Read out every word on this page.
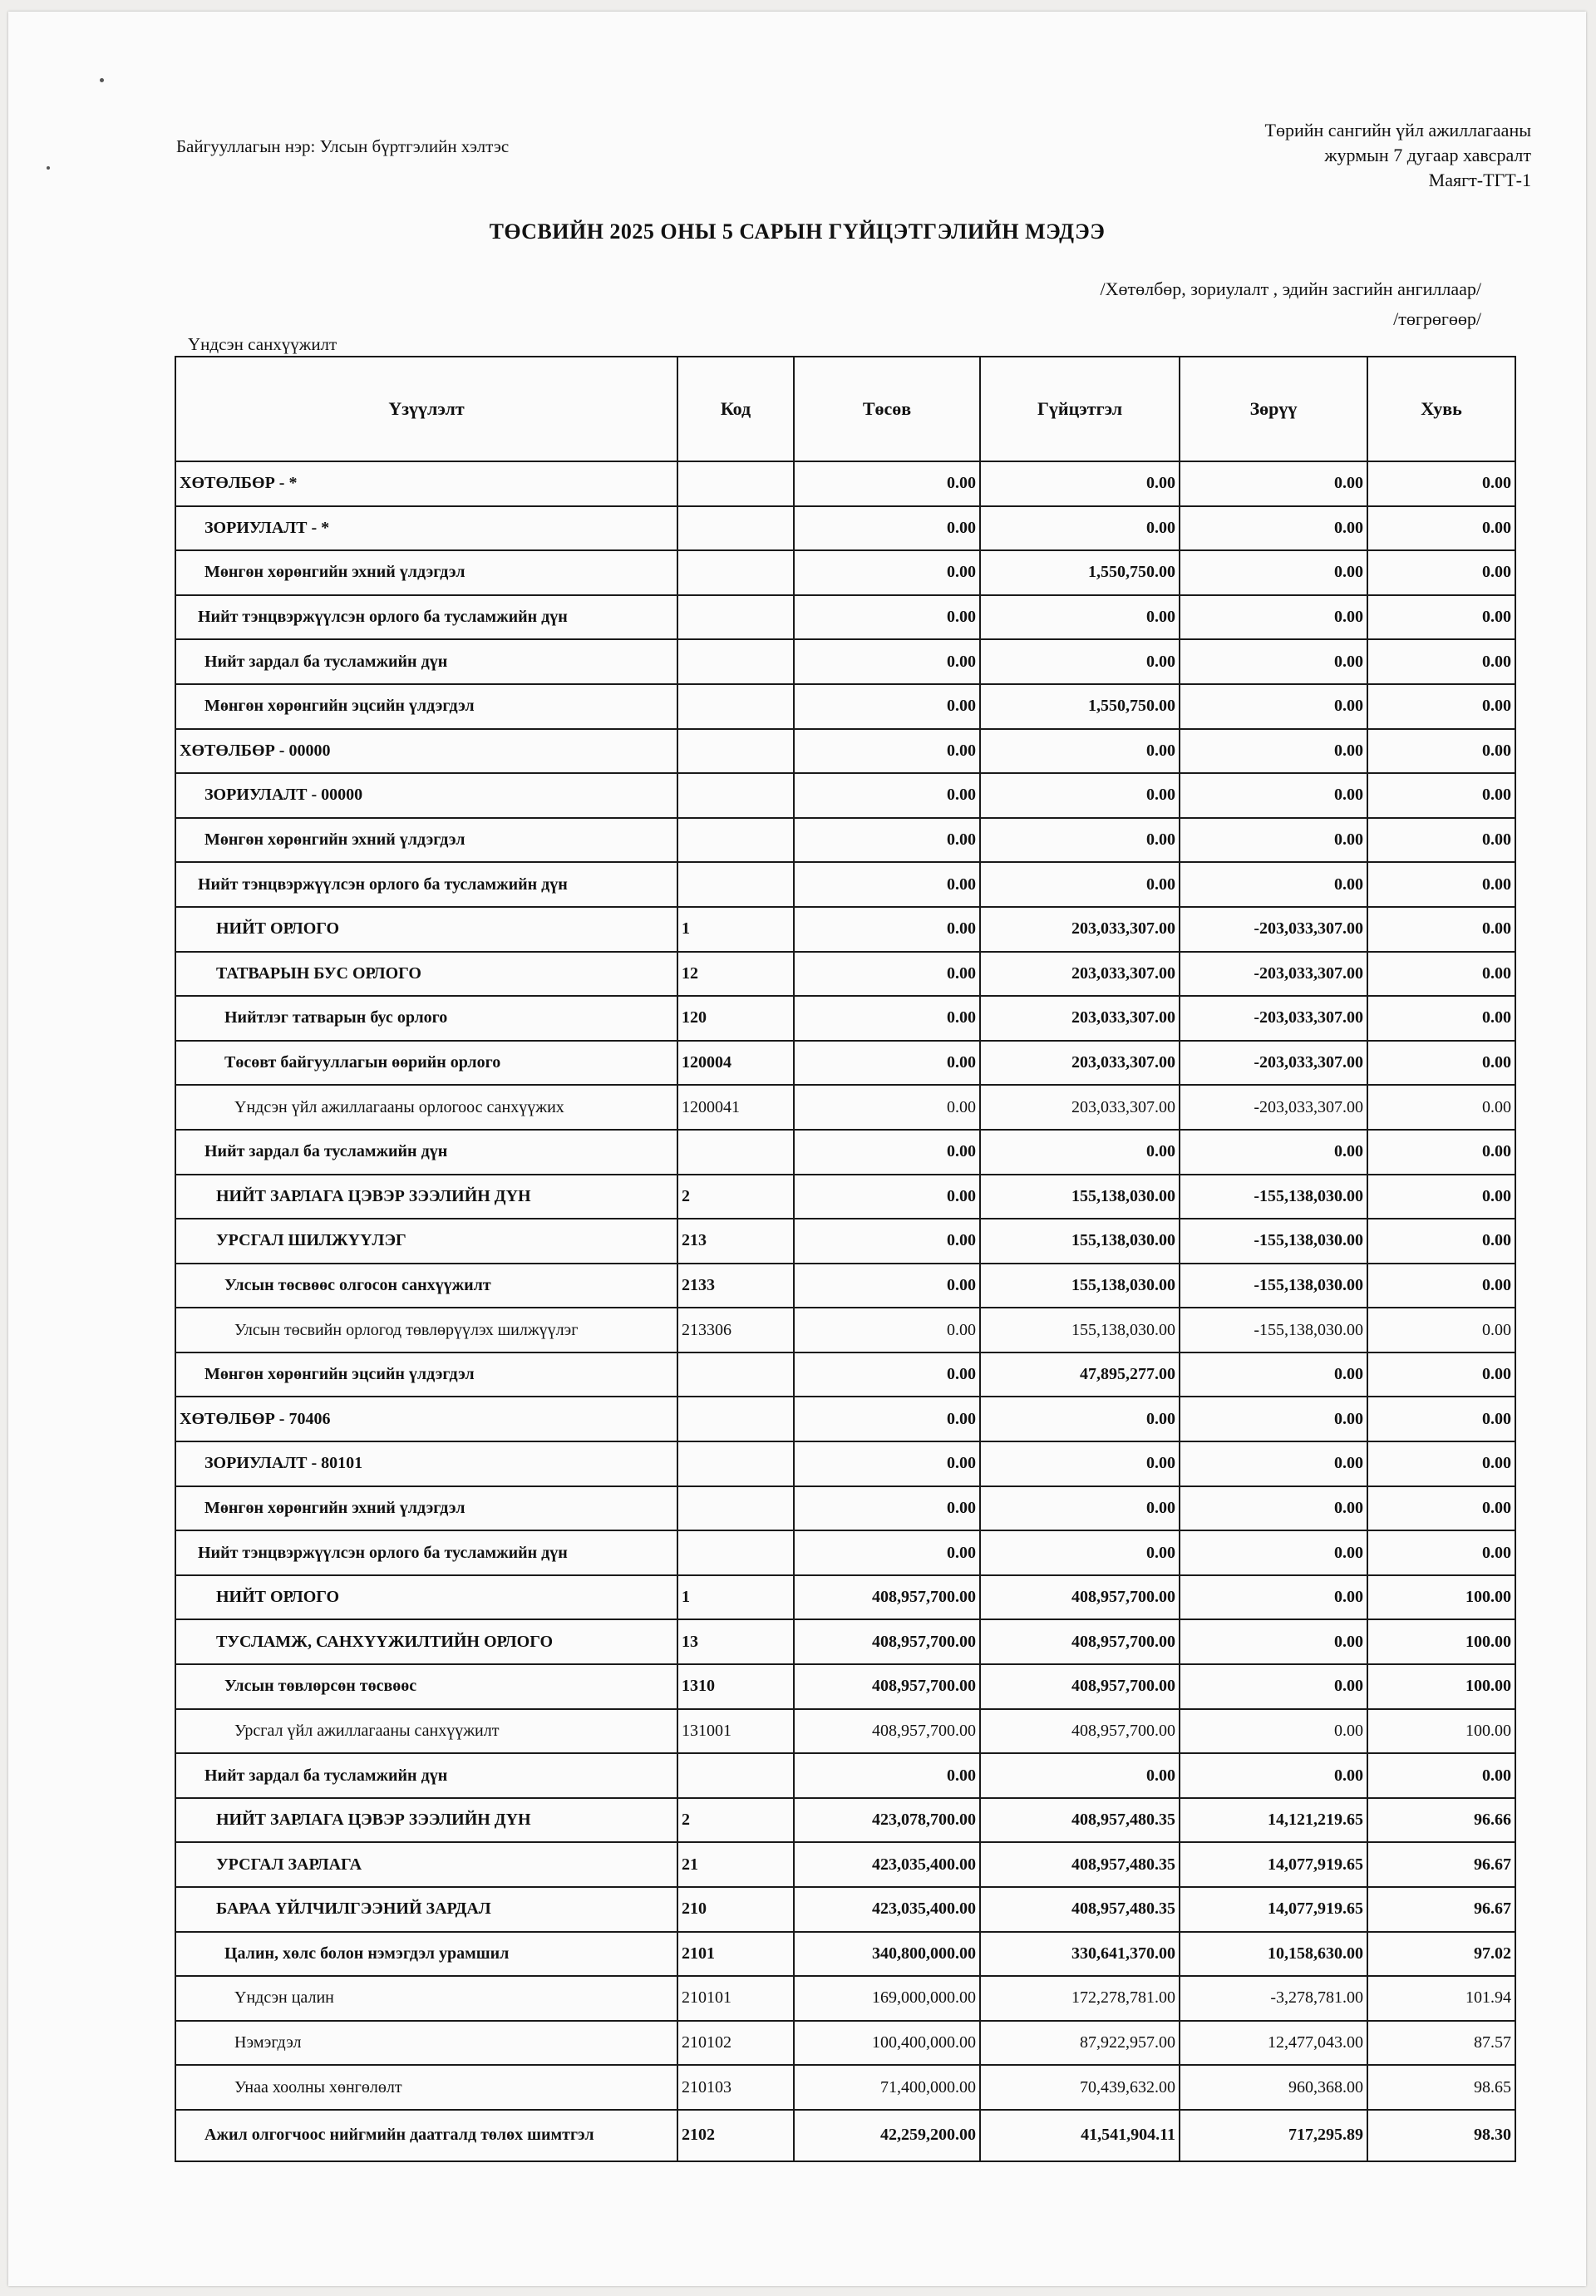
Байгууллагын нэр: Улсын бүртгэлийн хэлтэс
Төрийн сангийн үйл ажиллагааны
журмын 7 дугаар хавсралт
Маягт-ТГТ-1
ТӨСВИЙН 2025 ОНЫ 5 САРЫН ГҮЙЦЭТГЭЛИЙН МЭДЭЭ
/Хөтөлбөр, зориулалт , эдийн засгийн ангиллаар/
/төгрөгөөр/
Үндсэн санхүүжилт
Үзүүлэлт	Код	Төсөв	Гүйцэтгэл	Зөрүү	Хувь
ХӨТӨЛБӨР - *		0.00	0.00	0.00	0.00
ЗОРИУЛАЛТ - *		0.00	0.00	0.00	0.00
Мөнгөн хөрөнгийн эхний үлдэгдэл		0.00	1,550,750.00	0.00	0.00
Нийт тэнцвэржүүлсэн орлого ба тусламжийн дүн		0.00	0.00	0.00	0.00
Нийт зардал ба тусламжийн дүн		0.00	0.00	0.00	0.00
Мөнгөн хөрөнгийн эцсийн үлдэгдэл		0.00	1,550,750.00	0.00	0.00
ХӨТӨЛБӨР - 00000		0.00	0.00	0.00	0.00
ЗОРИУЛАЛТ - 00000		0.00	0.00	0.00	0.00
Мөнгөн хөрөнгийн эхний үлдэгдэл		0.00	0.00	0.00	0.00
Нийт тэнцвэржүүлсэн орлого ба тусламжийн дүн		0.00	0.00	0.00	0.00
НИЙТ ОРЛОГО	1	0.00	203,033,307.00	-203,033,307.00	0.00
ТАТВАРЫН БУС ОРЛОГО	12	0.00	203,033,307.00	-203,033,307.00	0.00
Нийтлэг татварын бус орлого	120	0.00	203,033,307.00	-203,033,307.00	0.00
Төсөвт байгууллагын өөрийн орлого	120004	0.00	203,033,307.00	-203,033,307.00	0.00
Үндсэн үйл ажиллагааны орлогоос санхүүжих	1200041	0.00	203,033,307.00	-203,033,307.00	0.00
Нийт зардал ба тусламжийн дүн		0.00	0.00	0.00	0.00
НИЙТ ЗАРЛАГА ЦЭВЭР ЗЭЭЛИЙН ДҮН	2	0.00	155,138,030.00	-155,138,030.00	0.00
УРСГАЛ ШИЛЖҮҮЛЭГ	213	0.00	155,138,030.00	-155,138,030.00	0.00
Улсын төсвөөс олгосон санхүүжилт	2133	0.00	155,138,030.00	-155,138,030.00	0.00
Улсын төсвийн орлогод төвлөрүүлэх шилжүүлэг	213306	0.00	155,138,030.00	-155,138,030.00	0.00
Мөнгөн хөрөнгийн эцсийн үлдэгдэл		0.00	47,895,277.00	0.00	0.00
ХӨТӨЛБӨР - 70406		0.00	0.00	0.00	0.00
ЗОРИУЛАЛТ - 80101		0.00	0.00	0.00	0.00
Мөнгөн хөрөнгийн эхний үлдэгдэл		0.00	0.00	0.00	0.00
Нийт тэнцвэржүүлсэн орлого ба тусламжийн дүн		0.00	0.00	0.00	0.00
НИЙТ ОРЛОГО	1	408,957,700.00	408,957,700.00	0.00	100.00
ТУСЛАМЖ, САНХҮҮЖИЛТИЙН ОРЛОГО	13	408,957,700.00	408,957,700.00	0.00	100.00
Улсын төвлөрсөн төсвөөс	1310	408,957,700.00	408,957,700.00	0.00	100.00
Урсгал үйл ажиллагааны санхүүжилт	131001	408,957,700.00	408,957,700.00	0.00	100.00
Нийт зардал ба тусламжийн дүн		0.00	0.00	0.00	0.00
НИЙТ ЗАРЛАГА ЦЭВЭР ЗЭЭЛИЙН ДҮН	2	423,078,700.00	408,957,480.35	14,121,219.65	96.66
УРСГАЛ ЗАРЛАГА	21	423,035,400.00	408,957,480.35	14,077,919.65	96.67
БАРАА ҮЙЛЧИЛГЭЭНИЙ ЗАРДАЛ	210	423,035,400.00	408,957,480.35	14,077,919.65	96.67
Цалин, хөлс болон нэмэгдэл урамшил	2101	340,800,000.00	330,641,370.00	10,158,630.00	97.02
Үндсэн цалин	210101	169,000,000.00	172,278,781.00	-3,278,781.00	101.94
Нэмэгдэл	210102	100,400,000.00	87,922,957.00	12,477,043.00	87.57
Унаа хоолны хөнгөлөлт	210103	71,400,000.00	70,439,632.00	960,368.00	98.65
Ажил олгогчоос нийгмийн даатгалд төлөх шимтгэл	2102	42,259,200.00	41,541,904.11	717,295.89	98.30
